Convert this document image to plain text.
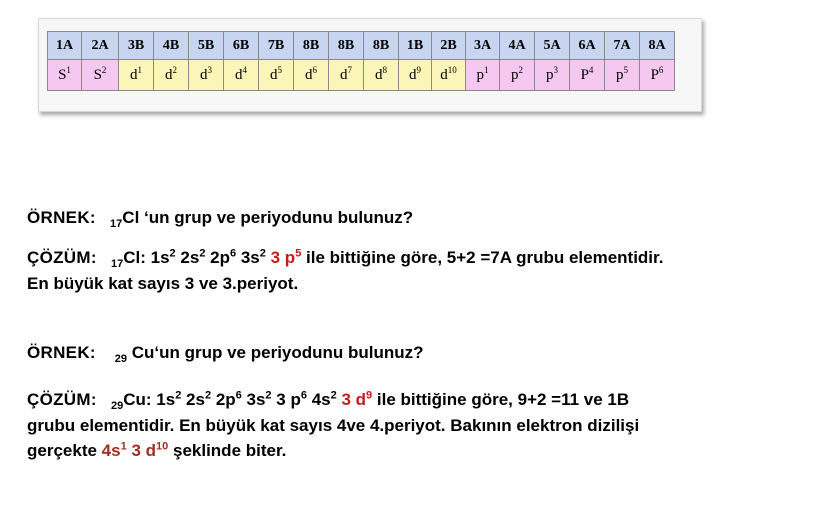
1A	2A	3B	4B	5B	6B	7B	8B	8B	8B	1B	2B	3A	4A	5A	6A	7A	8A
$S^1$	$S^2$	$d^1$	$d^2$	$d^3$	$d^4$	$d^5$	$d^6$	$d^7$	$d^8$	$d^9$	$d^{10}$	$p^1$	$p^2$	$p^3$	$P^4$	$p^5$	$P^6$
ÖRNEK: $_{17}$Cl ‘un grup ve periyodunu bulunuz?
ÇÖZÜM: $_{17}$Cl: $1s^2$ $2s^2$ $2p^6$ $3s^2$ 3 $p^5$ ile bittiğine göre, 5+2 =7A grubu elementidir.
En büyük kat sayıs 3 ve 3.periyot.
ÖRNEK: $_{29}$ Cu‘un grup ve periyodunu bulunuz?
ÇÖZÜM: $_{29}$Cu: $1s^2$ $2s^2$ $2p^6$ $3s^2$ 3 $p^6$ $4s^2$ 3 $d^9$ ile bittiğine göre, 9+2 =11 ve 1B
grubu elementidir. En büyük kat sayıs 4ve 4.periyot. Bakının elektron dizilişi
gerçekte $4s^1$ 3 $d^{10}$ şeklinde biter.
